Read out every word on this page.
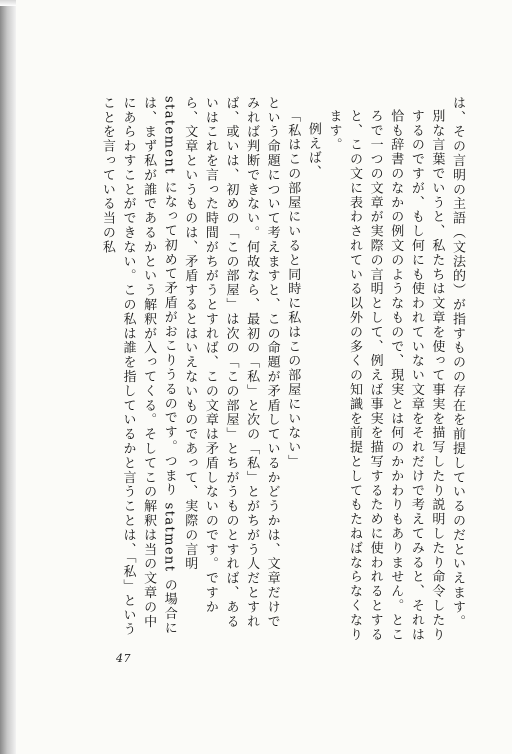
は、その言明の主語（文法的）が指すものの存在を前提しているのだといえます。

別な言葉でいうと、私たちは文章を使って事実を描写したり説明したり命令したりするのですが、もし何にも使われていない文章をそれだけで考えてみると、それは恰も辞書のなかの例文のようなもので、現実とは何のかかわりもありません。ところで一つの文章が実際の言明として、例えば事実を描写するために使われるとすると、この文に表わされている以外の多くの知識を前提としてもたねばならなくなります。

例えば、

「私はこの部屋にいると同時に私はこの部屋にいない」

という命題について考えますと、この命題が矛盾しているかどうかは、文章だけでみれば判断できない。何故なら、最初の「私」と次の「私」とがちがう人だとすれば、或いは、初めの「この部屋」は次の「この部屋」とちがうものとすれば、あるいはこれを言った時間がちがうとすれば、この文章は矛盾しないのです。ですから、文章というものは、矛盾するとはいえないものであって、実際の言明 statement になって初めて矛盾がおこりうるのです。つまり statment の場合には、まず私が誰であるかという解釈が入ってくる。そしてこの解釈は当の文章の中にあらわすことができない。この私は誰を指しているかと言うことは、「私」ということを言っている当の私

47
